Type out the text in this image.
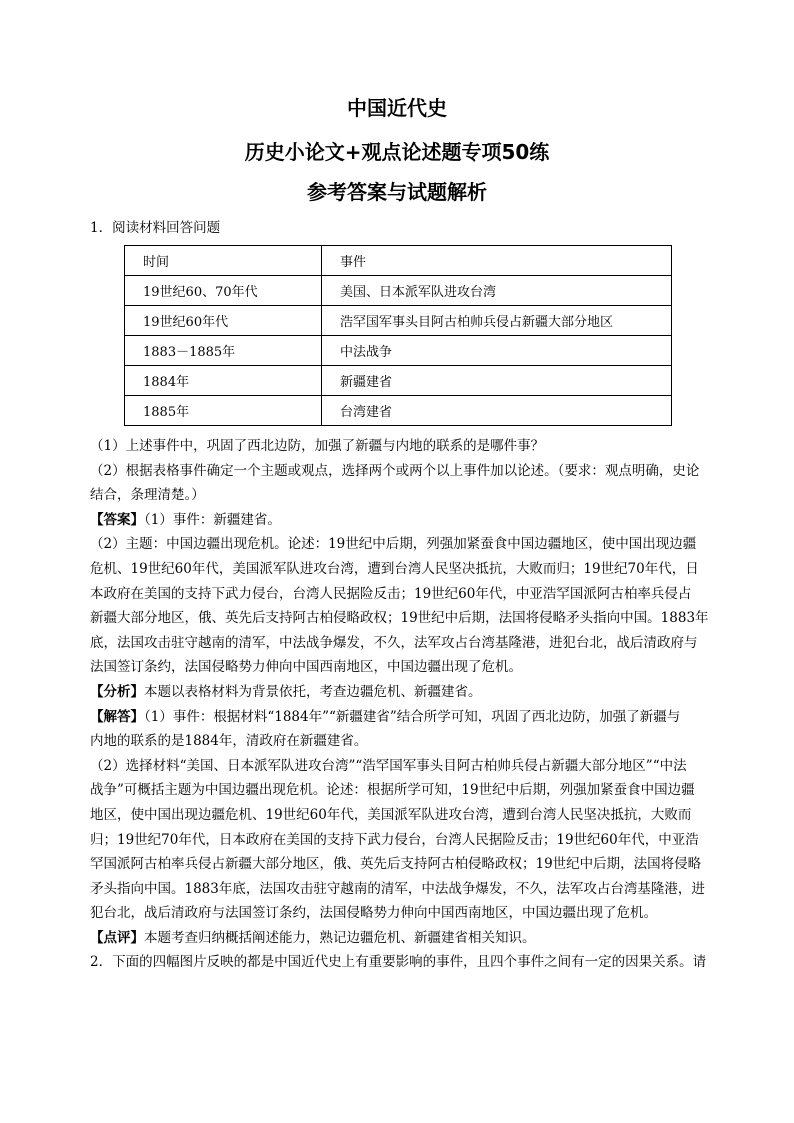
中国近代史
历史小论文+观点论述题专项50练
参考答案与试题解析
1．阅读材料回答问题
时间	事件
19世纪60、70年代	美国、日本派军队进攻台湾
19世纪60年代	浩罕国军事头目阿古柏帅兵侵占新疆大部分地区
1883－1885年	中法战争
1884年	新疆建省
1885年	台湾建省

（1）上述事件中，巩固了西北边防，加强了新疆与内地的联系的是哪件事？

（2）根据表格事件确定一个主题或观点，选择两个或两个以上事件加以论述。（要求：观点明确，史论

结合，条理清楚。）

【答案】（1）事件：新疆建省。

（2）主题：中国边疆出现危机。论述：19世纪中后期，列强加紧蚕食中国边疆地区，使中国出现边疆

危机、19世纪60年代，美国派军队进攻台湾，遭到台湾人民坚决抵抗，大败而归；19世纪70年代，日

本政府在美国的支持下武力侵台，台湾人民据险反击；19世纪60年代，中亚浩罕国派阿古柏率兵侵占

新疆大部分地区，俄、英先后支持阿古柏侵略政权；19世纪中后期，法国将侵略矛头指向中国。1883年

底，法国攻击驻守越南的清军，中法战争爆发，不久，法军攻占台湾基隆港，进犯台北，战后清政府与

法国签订条约，法国侵略势力伸向中国西南地区，中国边疆出现了危机。

【分析】本题以表格材料为背景依托，考查边疆危机、新疆建省。

【解答】（1）事件：根据材料“1884年”“新疆建省”结合所学可知，巩固了西北边防，加强了新疆与

内地的联系的是1884年，清政府在新疆建省。

（2）选择材料“美国、日本派军队进攻台湾”“浩罕国军事头目阿古柏帅兵侵占新疆大部分地区”“中法

战争”可概括主题为中国边疆出现危机。论述：根据所学可知，19世纪中后期，列强加紧蚕食中国边疆

地区，使中国出现边疆危机、19世纪60年代，美国派军队进攻台湾，遭到台湾人民坚决抵抗，大败而

归；19世纪70年代，日本政府在美国的支持下武力侵台，台湾人民据险反击；19世纪60年代，中亚浩

罕国派阿古柏率兵侵占新疆大部分地区，俄、英先后支持阿古柏侵略政权；19世纪中后期，法国将侵略

矛头指向中国。1883年底，法国攻击驻守越南的清军，中法战争爆发，不久，法军攻占台湾基隆港，进

犯台北，战后清政府与法国签订条约，法国侵略势力伸向中国西南地区，中国边疆出现了危机。

【点评】本题考查归纳概括阐述能力，熟记边疆危机、新疆建省相关知识。

2．下面的四幅图片反映的都是中国近代史上有重要影响的事件，且四个事件之间有一定的因果关系。请
